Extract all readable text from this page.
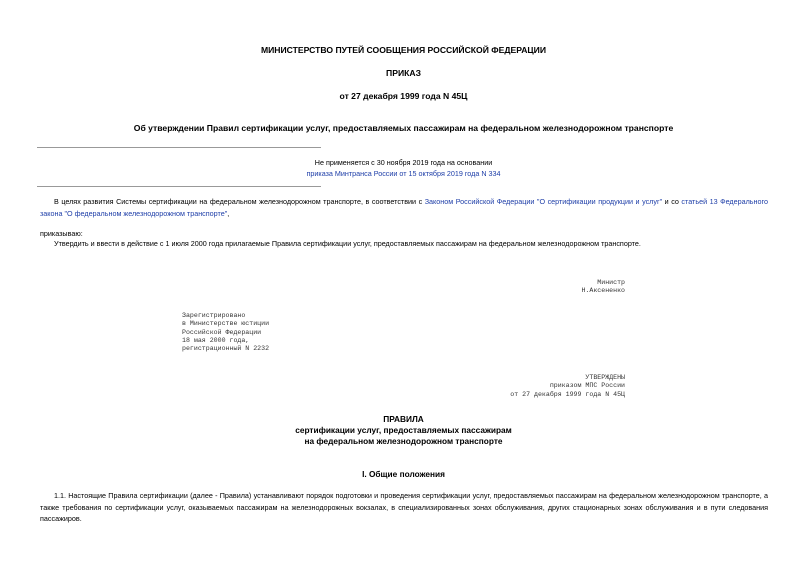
МИНИСТЕРСТВО ПУТЕЙ СООБЩЕНИЯ РОССИЙСКОЙ ФЕДЕРАЦИИ
ПРИКАЗ
от 27 декабря 1999 года N 45Ц
Об утверждении Правил сертификации услуг, предоставляемых пассажирам на федеральном железнодорожном транспорте
Не применяется с 30 ноября 2019 года на основании
приказа Минтранса России от 15 октября 2019 года N 334
В целях развития Системы сертификации на федеральном железнодорожном транспорте, в соответствии с Законом Российской Федерации "О сертификации продукции и услуг" и со статьей 13 Федерального закона "О федеральном железнодорожном транспорте",
приказываю:
Утвердить и ввести в действие с 1 июля 2000 года прилагаемые Правила сертификации услуг, предоставляемых пассажирам на федеральном железнодорожном транспорте.
Министр
Н.Аксененко
Зарегистрировано
в Министерстве юстиции
Российской Федерации
18 мая 2000 года,
регистрационный N 2232
УТВЕРЖДЕНЫ
приказом МПС России
от 27 декабря 1999 года N 45Ц
ПРАВИЛА
сертификации услуг, предоставляемых пассажирам
на федеральном железнодорожном транспорте
I. Общие положения
1.1. Настоящие Правила сертификации (далее - Правила) устанавливают порядок подготовки и проведения сертификации услуг, предоставляемых пассажирам на федеральном железнодорожном транспорте, а также требования по сертификации услуг, оказываемых пассажирам на железнодорожных вокзалах, в специализированных зонах обслуживания, других стационарных зонах обслуживания и в пути следования пассажиров.
